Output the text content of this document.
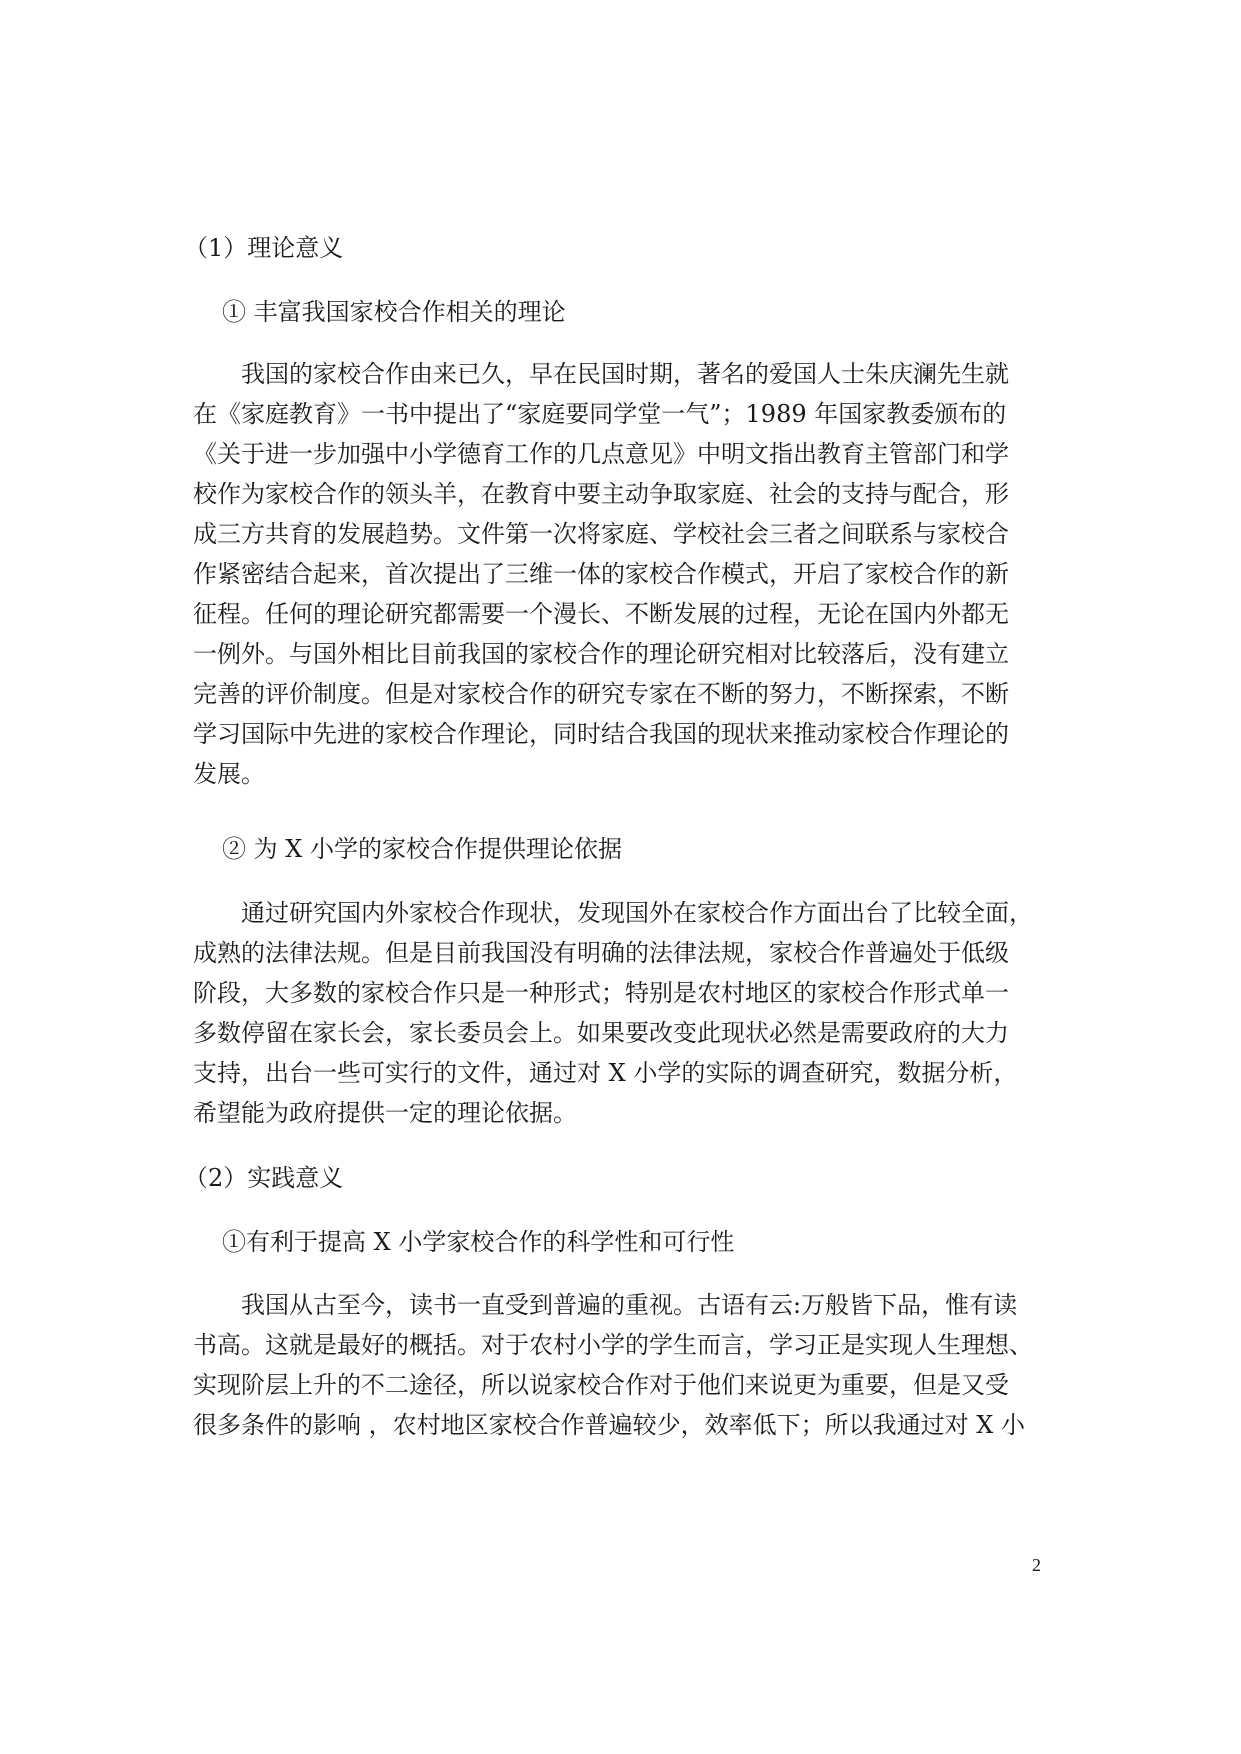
（1）理论意义
① 丰富我国家校合作相关的理论
我国的家校合作由来已久，早在民国时期，著名的爱国人士朱庆澜先生就
在《家庭教育》一书中提出了“家庭要同学堂一气”；1989 年国家教委颁布的
《关于进一步加强中小学德育工作的几点意见》中明文指出教育主管部门和学
校作为家校合作的领头羊，在教育中要主动争取家庭、社会的支持与配合，形
成三方共育的发展趋势。文件第一次将家庭、学校社会三者之间联系与家校合
作紧密结合起来，首次提出了三维一体的家校合作模式，开启了家校合作的新
征程。任何的理论研究都需要一个漫长、不断发展的过程，无论在国内外都无
一例外。与国外相比目前我国的家校合作的理论研究相对比较落后，没有建立
完善的评价制度。但是对家校合作的研究专家在不断的努力，不断探索，不断
学习国际中先进的家校合作理论，同时结合我国的现状来推动家校合作理论的
发展。
② 为 X 小学的家校合作提供理论依据
通过研究国内外家校合作现状，发现国外在家校合作方面出台了比较全面，
成熟的法律法规。但是目前我国没有明确的法律法规，家校合作普遍处于低级
阶段，大多数的家校合作只是一种形式；特别是农村地区的家校合作形式单一
多数停留在家长会，家长委员会上。如果要改变此现状必然是需要政府的大力
支持，出台一些可实行的文件，通过对 X 小学的实际的调查研究，数据分析，
希望能为政府提供一定的理论依据。
（2）实践意义
①有利于提高 X 小学家校合作的科学性和可行性
我国从古至今，读书一直受到普遍的重视。古语有云:万般皆下品，惟有读
书高。这就是最好的概括。对于农村小学的学生而言，学习正是实现人生理想、
实现阶层上升的不二途径，所以说家校合作对于他们来说更为重要，但是又受
很多条件的影响 ，农村地区家校合作普遍较少，效率低下；所以我通过对 X 小
2
